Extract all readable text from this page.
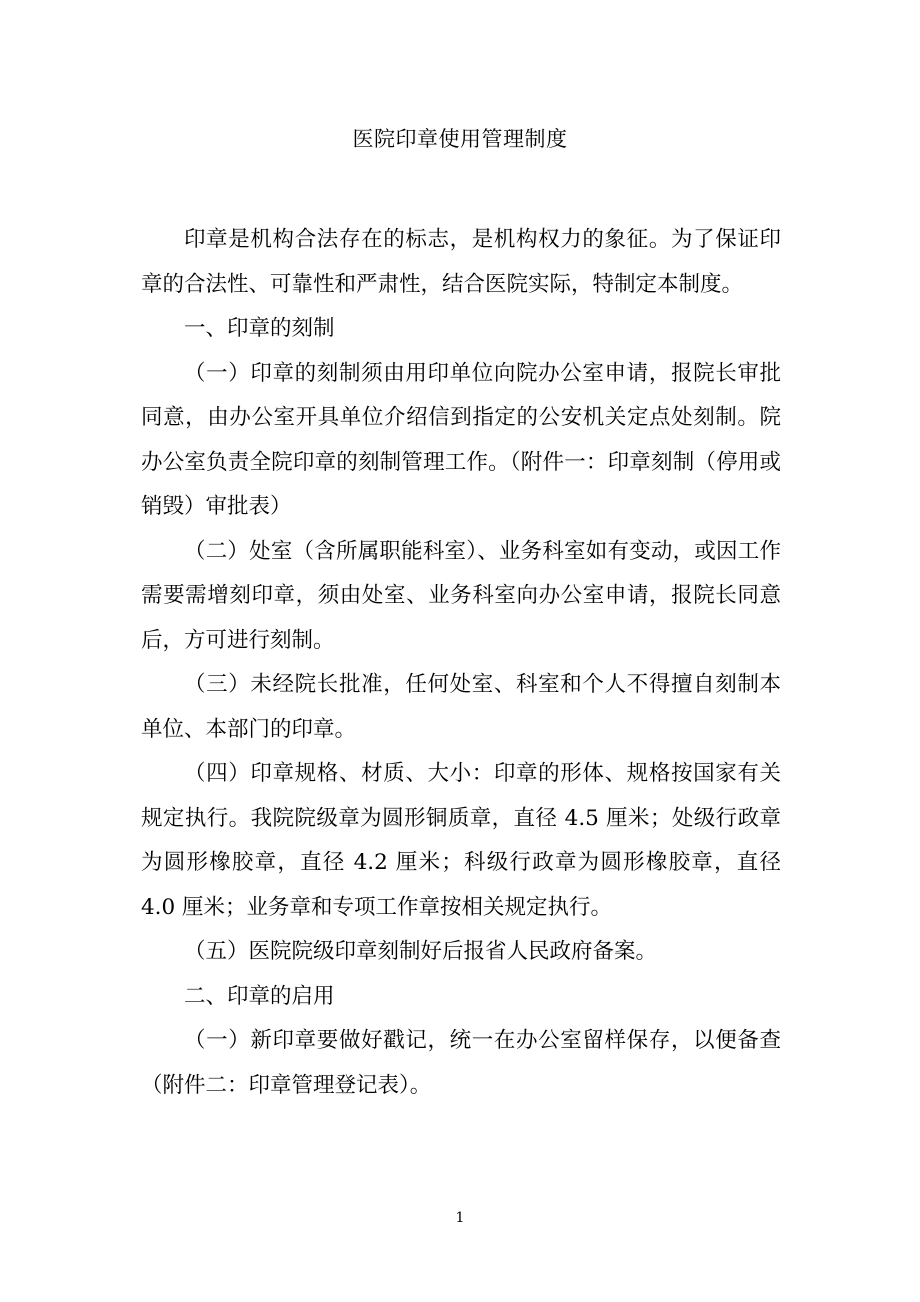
医院印章使用管理制度

印章是机构合法存在的标志，是机构权力的象征。为了保证印章的合法性、可靠性和严肃性，结合医院实际，特制定本制度。

一、印章的刻制

（一）印章的刻制须由用印单位向院办公室申请，报院长审批同意，由办公室开具单位介绍信到指定的公安机关定点处刻制。院办公室负责全院印章的刻制管理工作。（附件一：印章刻制（停用或销毁）审批表）

（二）处室（含所属职能科室）、业务科室如有变动，或因工作需要需增刻印章，须由处室、业务科室向办公室申请，报院长同意后，方可进行刻制。

（三）未经院长批准，任何处室、科室和个人不得擅自刻制本单位、本部门的印章。

（四）印章规格、材质、大小：印章的形体、规格按国家有关规定执行。我院院级章为圆形铜质章，直径 4.5 厘米；处级行政章为圆形橡胶章，直径 4.2 厘米；科级行政章为圆形橡胶章，直径 4.0 厘米；业务章和专项工作章按相关规定执行。

（五）医院院级印章刻制好后报省人民政府备案。

二、印章的启用

（一）新印章要做好戳记，统一在办公室留样保存，以便备查（附件二：印章管理登记表）。

1
